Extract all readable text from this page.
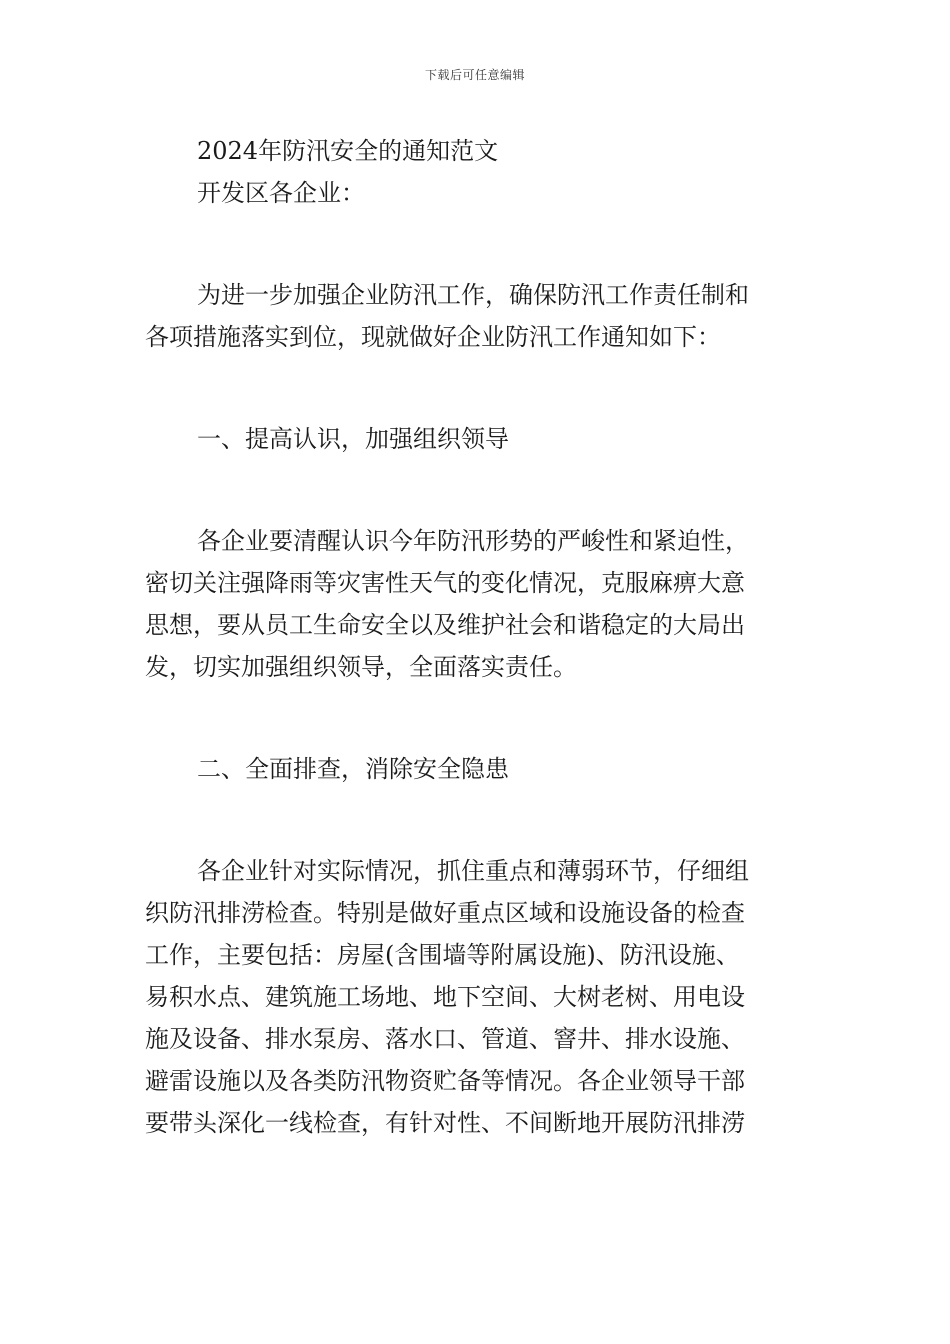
下载后可任意编辑
2024年防汛安全的通知范文
开发区各企业：
为进一步加强企业防汛工作，确保防汛工作责任制和
各项措施落实到位，现就做好企业防汛工作通知如下：
一、提高认识，加强组织领导
各企业要清醒认识今年防汛形势的严峻性和紧迫性，
密切关注强降雨等灾害性天气的变化情况，克服麻痹大意
思想，要从员工生命安全以及维护社会和谐稳定的大局出
发，切实加强组织领导，全面落实责任。
二、全面排查，消除安全隐患
各企业针对实际情况，抓住重点和薄弱环节，仔细组
织防汛排涝检查。特别是做好重点区域和设施设备的检查
工作，主要包括：房屋(含围墙等附属设施)、防汛设施、
易积水点、建筑施工场地、地下空间、大树老树、用电设
施及设备、排水泵房、落水口、管道、窨井、排水设施、
避雷设施以及各类防汛物资贮备等情况。各企业领导干部
要带头深化一线检查，有针对性、不间断地开展防汛排涝
